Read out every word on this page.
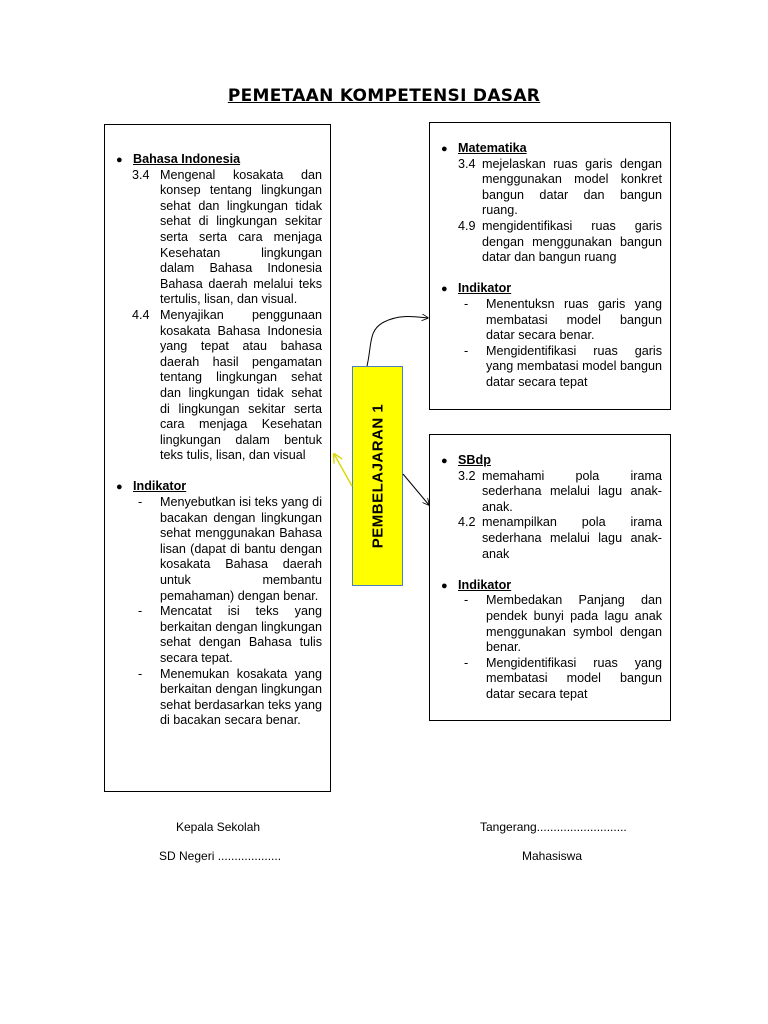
PEMETAAN KOMPETENSI DASAR
● Bahasa Indonesia
3.4 Mengenal kosakata dan konsep tentang lingkungan sehat dan lingkungan tidak sehat di lingkungan sekitar serta serta cara menjaga Kesehatan lingkungan dalam Bahasa Indonesia Bahasa daerah melalui teks tertulis, lisan, dan visual.
4.4 Menyajikan penggunaan kosakata Bahasa Indonesia yang tepat atau bahasa daerah hasil pengamatan tentang lingkungan sehat dan lingkungan tidak sehat di lingkungan sekitar serta cara menjaga Kesehatan lingkungan dalam bentuk teks tulis, lisan, dan visual
● Indikator
- Menyebutkan isi teks yang di bacakan dengan lingkungan sehat menggunakan Bahasa lisan (dapat di bantu dengan kosakata Bahasa daerah untuk membantu pemahaman) dengan benar.
- Mencatat isi teks yang berkaitan dengan lingkungan sehat dengan Bahasa tulis secara tepat.
- Menemukan kosakata yang berkaitan dengan lingkungan sehat berdasarkan teks yang di bacakan secara benar.
● Matematika
3.4 mejelaskan ruas garis dengan menggunakan model konkret bangun datar dan bangun ruang.
4.9 mengidentifikasi ruas garis dengan menggunakan bangun datar dan bangun ruang
● Indikator
- Menentuksn ruas garis yang membatasi model bangun datar secara benar.
- Mengidentifikasi ruas garis yang membatasi model bangun datar secara tepat
● SBdp
3.2 memahami pola irama sederhana melalui lagu anak-anak.
4.2 menampilkan pola irama sederhana melalui lagu anak-anak
● Indikator
- Membedakan Panjang dan pendek bunyi pada lagu anak menggunakan symbol dengan benar.
- Mengidentifikasi ruas yang membatasi model bangun datar secara tepat
PEMBELAJARAN 1
Kepala Sekolah
SD Negeri ...................
Tangerang...........................
Mahasiswa
